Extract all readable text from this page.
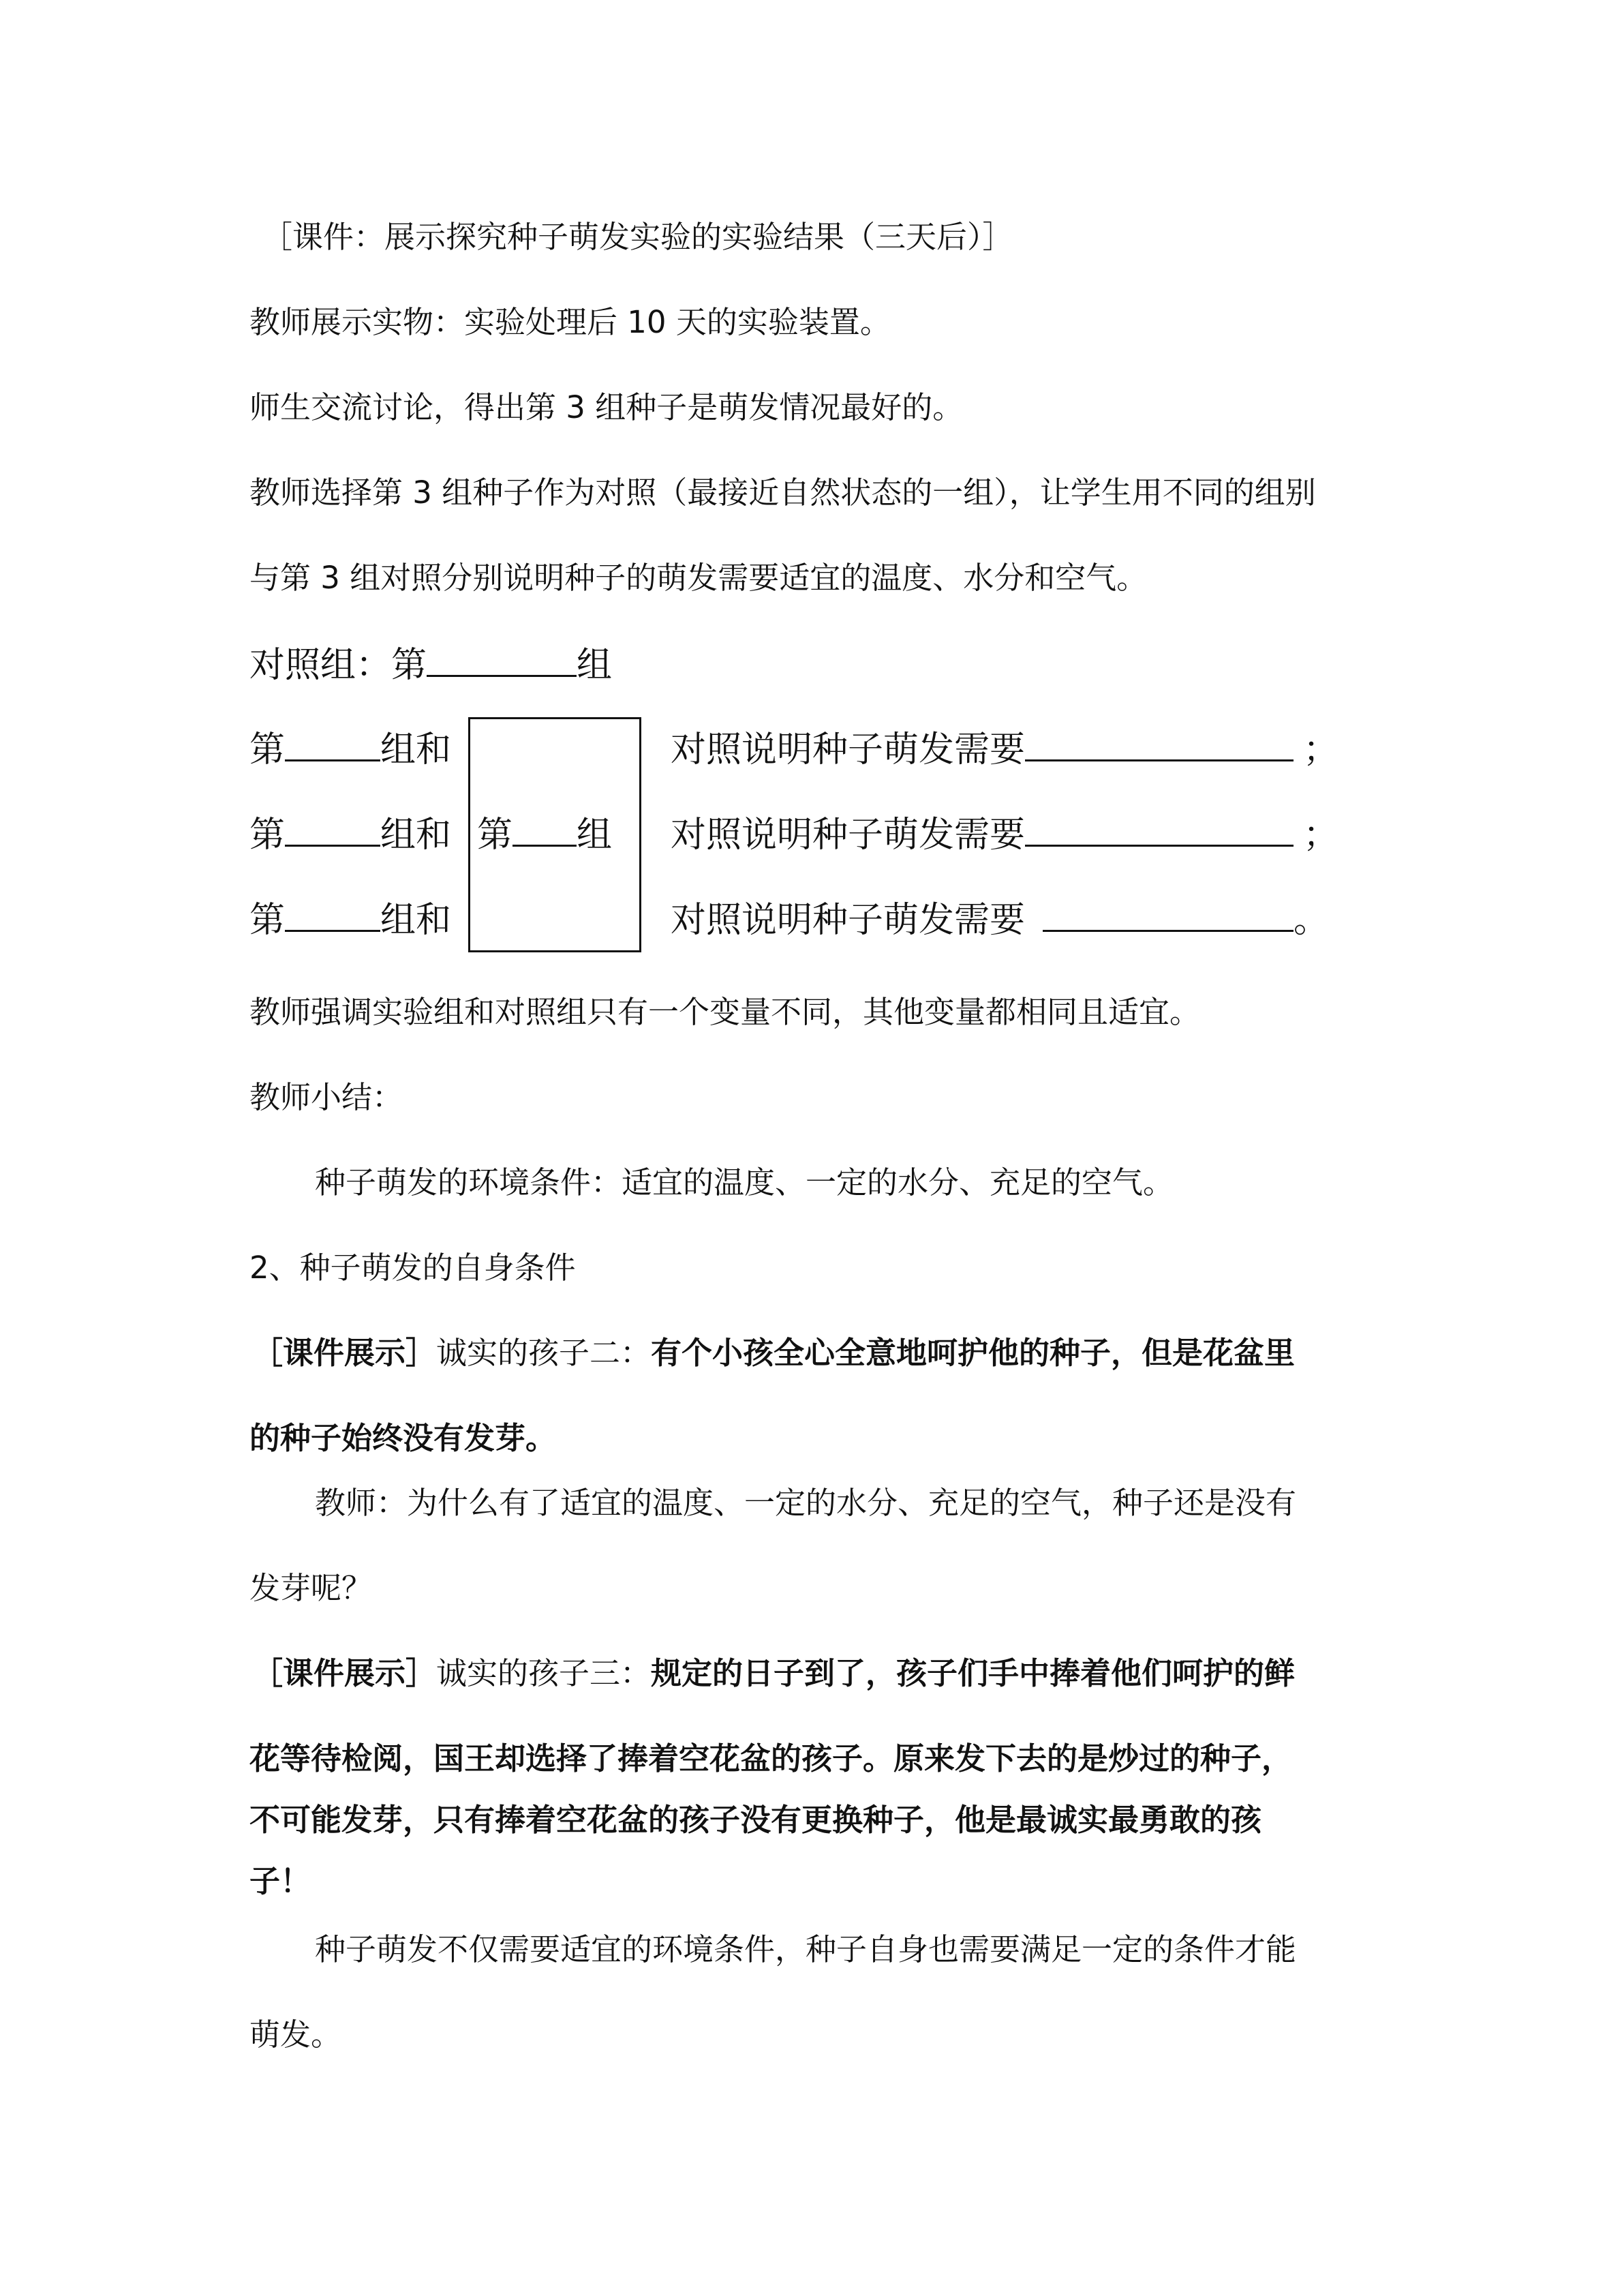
［课件：展示探究种子萌发实验的实验结果（三天后）］
教师展示实物：实验处理后 10 天的实验装置。
师生交流讨论，得出第 3 组种子是萌发情况最好的。
教师选择第 3 组种子作为对照（最接近自然状态的一组），让学生用不同的组别
与第 3 组对照分别说明种子的萌发需要适宜的温度、水分和空气。
对照组：第	组
第	组和	对照说明种子萌发需要	；
第	组和 第 组 对照说明种子萌发需要	；
第	组和	对照说明种子萌发需要	。
教师强调实验组和对照组只有一个变量不同，其他变量都相同且适宜。
教师小结：
种子萌发的环境条件：适宜的温度、一定的水分、充足的空气。
2、种子萌发的自身条件
［课件展示］诚实的孩子二：有个小孩全心全意地呵护他的种子，但是花盆里
的种子始终没有发芽。
教师：为什么有了适宜的温度、一定的水分、充足的空气，种子还是没有
发芽呢？
［课件展示］诚实的孩子三：规定的日子到了，孩子们手中捧着他们呵护的鲜
花等待检阅，国王却选择了捧着空花盆的孩子。原来发下去的是炒过的种子，
不可能发芽，只有捧着空花盆的孩子没有更换种子，他是最诚实最勇敢的孩
子！
种子萌发不仅需要适宜的环境条件，种子自身也需要满足一定的条件才能
萌发。
